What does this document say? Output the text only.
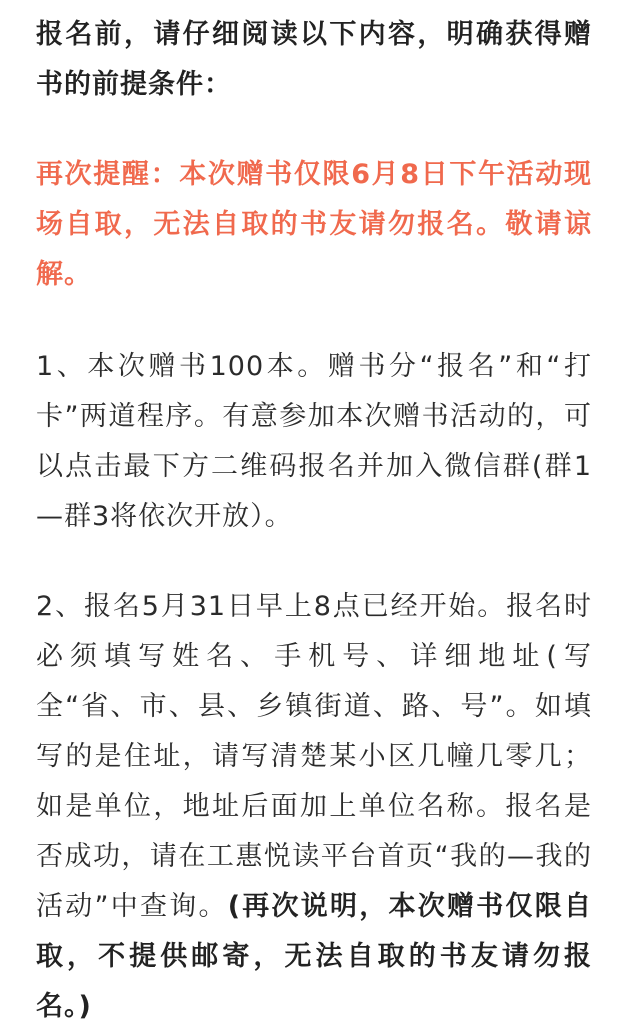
报名前，请仔细阅读以下内容，明确获得赠书的前提条件：

再次提醒：本次赠书仅限6月8日下午活动现场自取，无法自取的书友请勿报名。敬请谅解。

1、本次赠书100本。赠书分“报名”和“打卡”两道程序。有意参加本次赠书活动的，可以点击最下方二维码报名并加入微信群(群1—群3将依次开放）。

2、报名5月31日早上8点已经开始。报名时必须填写姓名、手机号、详细地址(写全“省、市、县、乡镇街道、路、号”。如填写的是住址，请写清楚某小区几幢几零几；如是单位，地址后面加上单位名称。报名是否成功，请在工惠悦读平台首页“我的—我的活动”中查询。(再次说明，本次赠书仅限自取，不提供邮寄，无法自取的书友请勿报名。)
